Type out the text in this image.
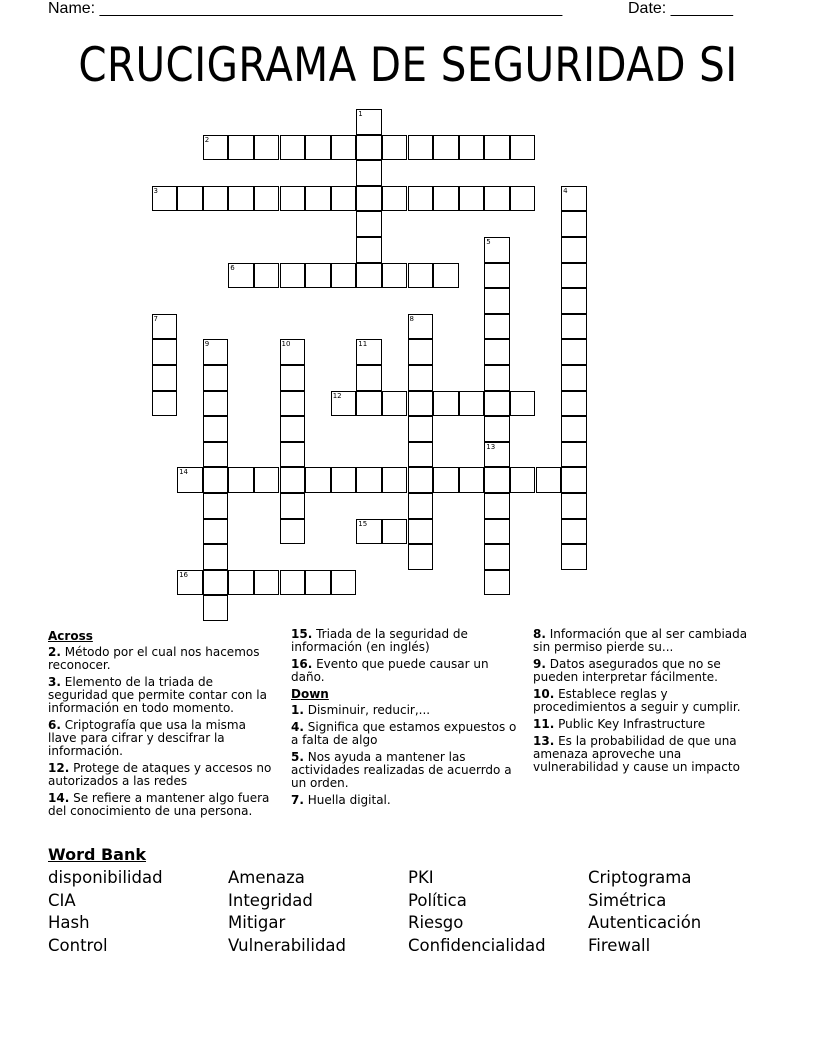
Name: ____________________________________________________	Date: _______
CRUCIGRAMA DE SEGURIDAD SI
1
2
3	4
5
6
7	8
9	10	11
12
13
14
15
16
Across
2. Método por el cual nos hacemos reconocer.
3. Elemento de la triada de seguridad que permite contar con la información en todo momento.
6. Criptografía que usa la misma llave para cifrar y descifrar la información.
12. Protege de ataques y accesos no autorizados a las redes
14. Se refiere a mantener algo fuera del conocimiento de una persona.
15. Triada de la seguridad de información (en inglés)
16. Evento que puede causar un daño.
Down
1. Disminuir, reducir,...
4. Significa que estamos expuestos o a falta de algo
5. Nos ayuda a mantener las actividades realizadas de acuerrdo a un orden.
7. Huella digital.
8. Información que al ser cambiada sin permiso pierde su...
9. Datos asegurados que no se pueden interpretar fácilmente.
10. Establece reglas y procedimientos a seguir y cumplir.
11. Public Key Infrastructure
13. Es la probabilidad de que una amenaza aproveche una vulnerabilidad y cause un impacto
Word Bank
disponibilidad	Amenaza	PKI	Criptograma
CIA	Integridad	Política	Simétrica
Hash	Mitigar	Riesgo	Autenticación
Control	Vulnerabilidad	Confidencialidad	Firewall
